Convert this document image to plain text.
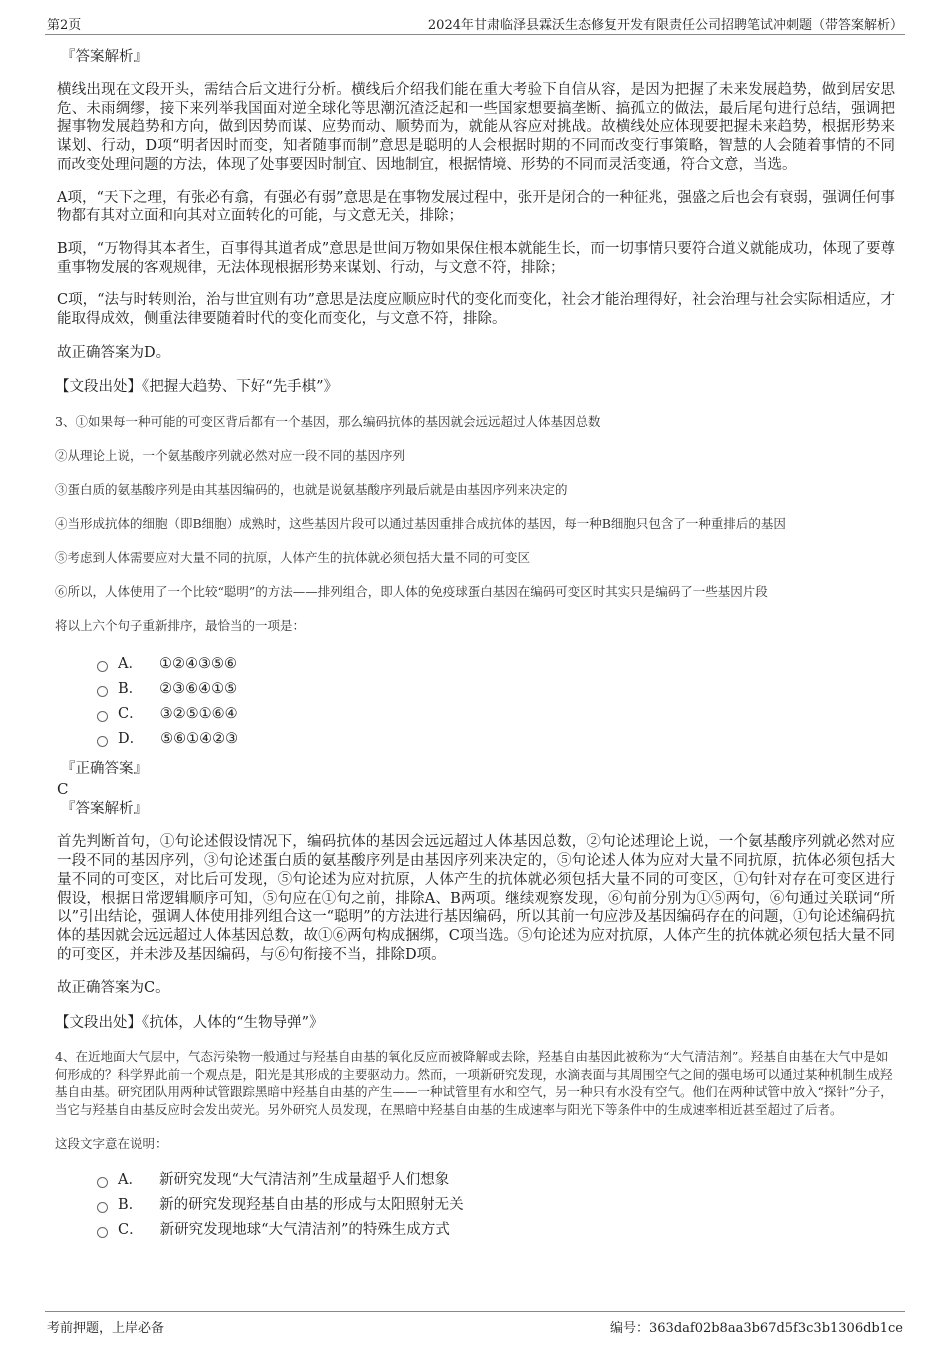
第2页	2024年甘肃临泽县霖沃生态修复开发有限责任公司招聘笔试冲刺题（带答案解析）
『答案解析』

横线出现在文段开头，需结合后文进行分析。横线后介绍我们能在重大考验下自信从容，是因为把握了未来发展趋势，做到居安思危、未雨绸缪，接下来列举我国面对逆全球化等思潮沉渣泛起和一些国家想要搞垄断、搞孤立的做法，最后尾句进行总结，强调把握事物发展趋势和方向，做到因势而谋、应势而动、顺势而为，就能从容应对挑战。故横线处应体现要把握未来趋势，根据形势来谋划、行动，D项“明者因时而变，知者随事而制”意思是聪明的人会根据时期的不同而改变行事策略，智慧的人会随着事情的不同而改变处理问题的方法，体现了处事要因时制宜、因地制宜，根据情境、形势的不同而灵活变通，符合文意，当选。

A项，“天下之理，有张必有翕，有强必有弱”意思是在事物发展过程中，张开是闭合的一种征兆，强盛之后也会有衰弱，强调任何事物都有其对立面和向其对立面转化的可能，与文意无关，排除；

B项，“万物得其本者生，百事得其道者成”意思是世间万物如果保住根本就能生长，而一切事情只要符合道义就能成功，体现了要尊重事物发展的客观规律，无法体现根据形势来谋划、行动，与文意不符，排除；

C项，“法与时转则治，治与世宜则有功”意思是法度应顺应时代的变化而变化，社会才能治理得好，社会治理与社会实际相适应，才能取得成效，侧重法律要随着时代的变化而变化，与文意不符，排除。

故正确答案为D。

【文段出处】《把握大趋势、下好“先手棋”》

3、①如果每一种可能的可变区背后都有一个基因，那么编码抗体的基因就会远远超过人体基因总数

②从理论上说，一个氨基酸序列就必然对应一段不同的基因序列

③蛋白质的氨基酸序列是由其基因编码的，也就是说氨基酸序列最后就是由基因序列来决定的

④当形成抗体的细胞（即B细胞）成熟时，这些基因片段可以通过基因重排合成抗体的基因，每一种B细胞只包含了一种重排后的基因

⑤考虑到人体需要应对大量不同的抗原，人体产生的抗体就必须包括大量不同的可变区

⑥所以，人体使用了一个比较“聪明”的方法——排列组合，即人体的免疫球蛋白基因在编码可变区时其实只是编码了一些基因片段

将以上六个句子重新排序，最恰当的一项是：

A． ①②④③⑤⑥
B． ②③⑥④①⑤
C． ③②⑤①⑥④
D． ⑤⑥①④②③
『正确答案』
C
『答案解析』

首先判断首句，①句论述假设情况下，编码抗体的基因会远远超过人体基因总数，②句论述理论上说，一个氨基酸序列就必然对应一段不同的基因序列，③句论述蛋白质的氨基酸序列是由基因序列来决定的，⑤句论述人体为应对大量不同抗原，抗体必须包括大量不同的可变区，对比后可发现，⑤句论述为应对抗原，人体产生的抗体就必须包括大量不同的可变区，①句针对存在可变区进行假设，根据日常逻辑顺序可知，⑤句应在①句之前，排除A、B两项。继续观察发现，⑥句前分别为①⑤两句，⑥句通过关联词“所以”引出结论，强调人体使用排列组合这一“聪明”的方法进行基因编码，所以其前一句应涉及基因编码存在的问题，①句论述编码抗体的基因就会远远超过人体基因总数，故①⑥两句构成捆绑，C项当选。⑤句论述为应对抗原，人体产生的抗体就必须包括大量不同的可变区，并未涉及基因编码，与⑥句衔接不当，排除D项。

故正确答案为C。

【文段出处】《抗体，人体的“生物导弹”》

4、在近地面大气层中，气态污染物一般通过与羟基自由基的氧化反应而被降解或去除，羟基自由基因此被称为“大气清洁剂”。羟基自由基在大气中是如何形成的？科学界此前一个观点是，阳光是其形成的主要驱动力。然而，一项新研究发现，水滴表面与其周围空气之间的强电场可以通过某种机制生成羟基自由基。研究团队用两种试管跟踪黑暗中羟基自由基的产生——一种试管里有水和空气，另一种只有水没有空气。他们在两种试管中放入“探针”分子，当它与羟基自由基反应时会发出荧光。另外研究人员发现，在黑暗中羟基自由基的生成速率与阳光下等条件中的生成速率相近甚至超过了后者。

这段文字意在说明：

A． 新研究发现“大气清洁剂”生成量超乎人们想象
B． 新的研究发现羟基自由基的形成与太阳照射无关
C． 新研究发现地球“大气清洁剂”的特殊生成方式
考前押题，上岸必备	编号：363daf02b8aa3b67d5f3c3b1306db1ce
